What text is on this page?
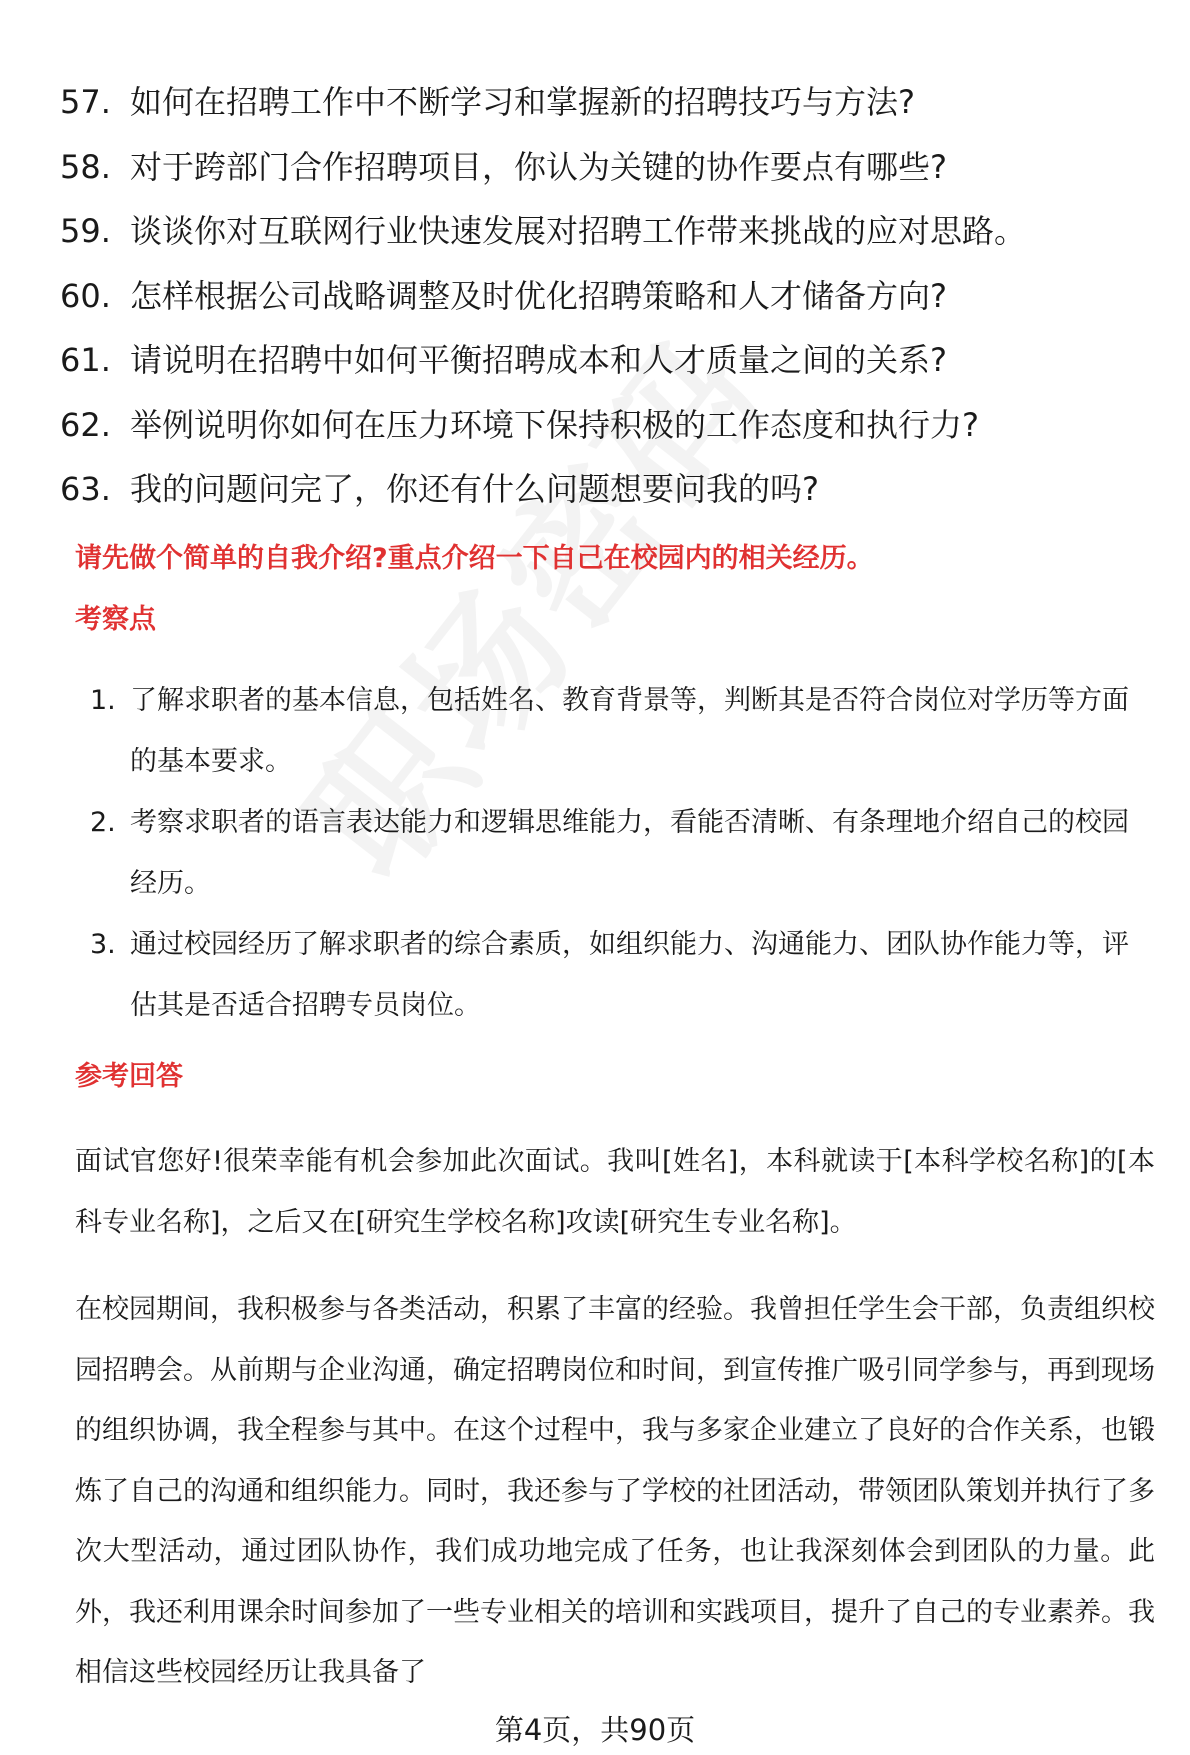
57. 如何在招聘工作中不断学习和掌握新的招聘技巧与方法?
58. 对于跨部门合作招聘项目，你认为关键的协作要点有哪些?
59. 谈谈你对互联网行业快速发展对招聘工作带来挑战的应对思路。
60. 怎样根据公司战略调整及时优化招聘策略和人才储备方向?
61. 请说明在招聘中如何平衡招聘成本和人才质量之间的关系?
62. 举例说明你如何在压力环境下保持积极的工作态度和执行力?
63. 我的问题问完了，你还有什么问题想要问我的吗?
请先做个简单的自我介绍?重点介绍一下自己在校园内的相关经历。
考察点
1. 了解求职者的基本信息，包括姓名、教育背景等，判断其是否符合岗位对学历等方面的基本要求。
2. 考察求职者的语言表达能力和逻辑思维能力，看能否清晰、有条理地介绍自己的校园经历。
3. 通过校园经历了解求职者的综合素质，如组织能力、沟通能力、团队协作能力等，评估其是否适合招聘专员岗位。
参考回答

面试官您好!很荣幸能有机会参加此次面试。我叫[姓名]，本科就读于[本科学校名称]的[本科专业名称]，之后又在[研究生学校名称]攻读[研究生专业名称]。

在校园期间，我积极参与各类活动，积累了丰富的经验。我曾担任学生会干部，负责组织校园招聘会。从前期与企业沟通，确定招聘岗位和时间，到宣传推广吸引同学参与，再到现场的组织协调，我全程参与其中。在这个过程中，我与多家企业建立了良好的合作关系，也锻炼了自己的沟通和组织能力。同时，我还参与了学校的社团活动，带领团队策划并执行了多次大型活动，通过团队协作，我们成功地完成了任务，也让我深刻体会到团队的力量。此外，我还利用课余时间参加了一些专业相关的培训和实践项目，提升了自己的专业素养。我相信这些校园经历让我具备了

第4页，共90页
